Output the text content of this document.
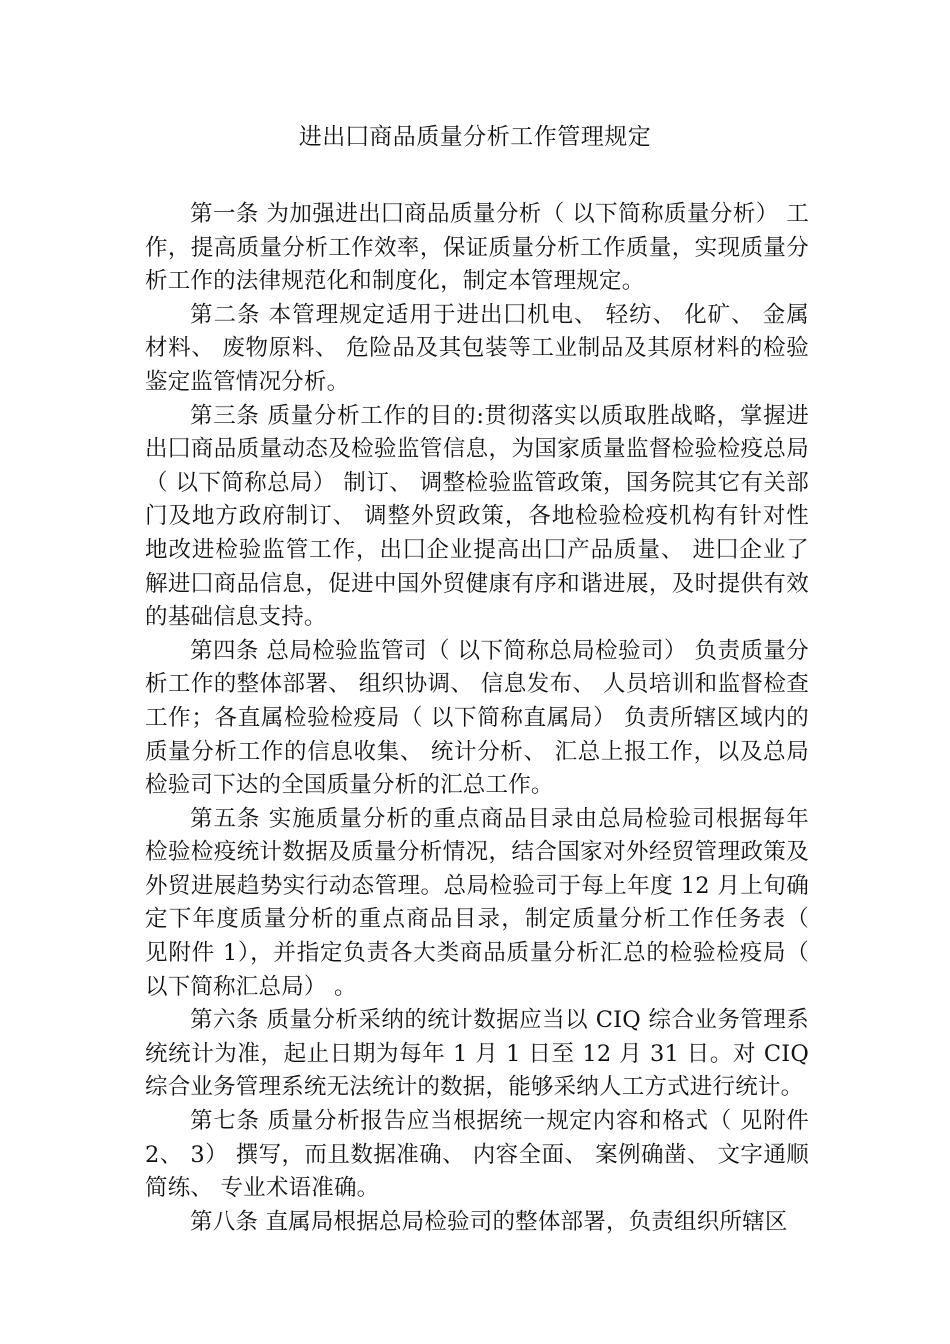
进出囗商品质量分析工作管理规定

第一条 为加强进出囗商品质量分析（ 以下简称质量分析） 工作，提高质量分析工作效率，保证质量分析工作质量，实现质量分析工作的法律规范化和制度化，制定本管理规定。

第二条 本管理规定适用于进出囗机电、 轻纺、 化矿、 金属材料、 废物原料、 危险品及其包装等工业制品及其原材料的检验鉴定监管情况分析。

第三条 质量分析工作的目的:贯彻落实以质取胜战略，掌握进出囗商品质量动态及检验监管信息，为国家质量监督检验检疫总局（ 以下简称总局） 制订、 调整检验监管政策，国务院其它有关部门及地方政府制订、 调整外贸政策，各地检验检疫机构有针对性地改进检验监管工作，出囗企业提高出囗产品质量、 进囗企业了解进囗商品信息，促进中国外贸健康有序和谐进展，及时提供有效的基础信息支持。

第四条 总局检验监管司（ 以下简称总局检验司） 负责质量分析工作的整体部署、 组织协调、 信息发布、 人员培训和监督检查工作；各直属检验检疫局（ 以下简称直属局） 负责所辖区域内的质量分析工作的信息收集、 统计分析、 汇总上报工作，以及总局检验司下达的全国质量分析的汇总工作。

第五条 实施质量分析的重点商品目录由总局检验司根据每年检验检疫统计数据及质量分析情况，结合国家对外经贸管理政策及外贸进展趋势实行动态管理。总局检验司于每上年度 12 月上旬确定下年度质量分析的重点商品目录，制定质量分析工作任务表（ 见附件 1），并指定负责各大类商品质量分析汇总的检验检疫局（ 以下简称汇总局） 。

第六条 质量分析采纳的统计数据应当以 CIQ 综合业务管理系统统计为准，起止日期为每年 1 月 1 日至 12 月 31 日。对 CIQ 综合业务管理系统无法统计的数据，能够采纳人工方式进行统计。

第七条 质量分析报告应当根据统一规定内容和格式（ 见附件 2、 3） 撰写，而且数据准确、 内容全面、 案例确凿、 文字通顺简练、 专业术语准确。

第八条 直属局根据总局检验司的整体部署，负责组织所辖区
